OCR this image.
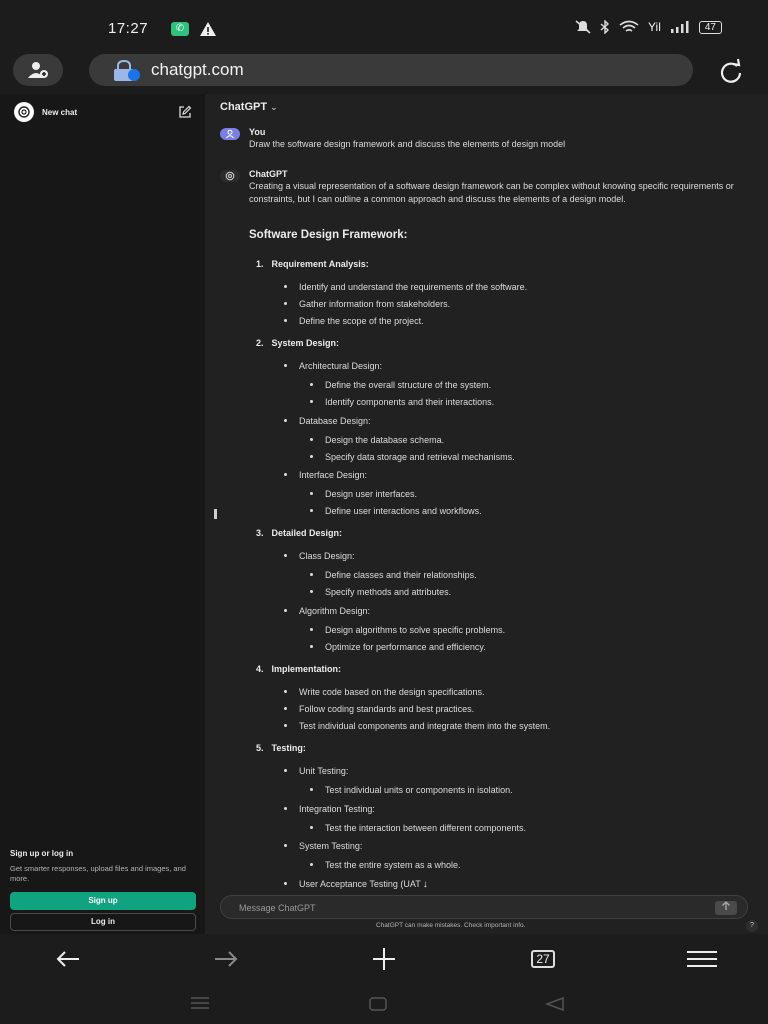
17:27	✆	Yil	47
chatgpt.com
New chat
Sign up or log in
Get smarter responses, upload files and images, and more.
Sign up
Log in
ChatGPT ⌄
You
Draw the software design framework and discuss the elements of design model
ChatGPT
Creating a visual representation of a software design framework can be complex without knowing specific requirements or constraints, but I can outline a common approach and discuss the elements of a design model.
Software Design Framework:
1. Requirement Analysis:
Identify and understand the requirements of the software.
Gather information from stakeholders.
Define the scope of the project.
2. System Design:
Architectural Design:
Define the overall structure of the system.
Identify components and their interactions.
Database Design:
Design the database schema.
Specify data storage and retrieval mechanisms.
Interface Design:
Design user interfaces.
Define user interactions and workflows.
3. Detailed Design:
Class Design:
Define classes and their relationships.
Specify methods and attributes.
Algorithm Design:
Design algorithms to solve specific problems.
Optimize for performance and efficiency.
4. Implementation:
Write code based on the design specifications.
Follow coding standards and best practices.
Test individual components and integrate them into the system.
5. Testing:
Unit Testing:
Test individual units or components in isolation.
Integration Testing:
Test the interaction between different components.
System Testing:
Test the entire system as a whole.
User Acceptance Testing (UAT ↓
Message ChatGPT
ChatGPT can make mistakes. Check important info.	?
27
